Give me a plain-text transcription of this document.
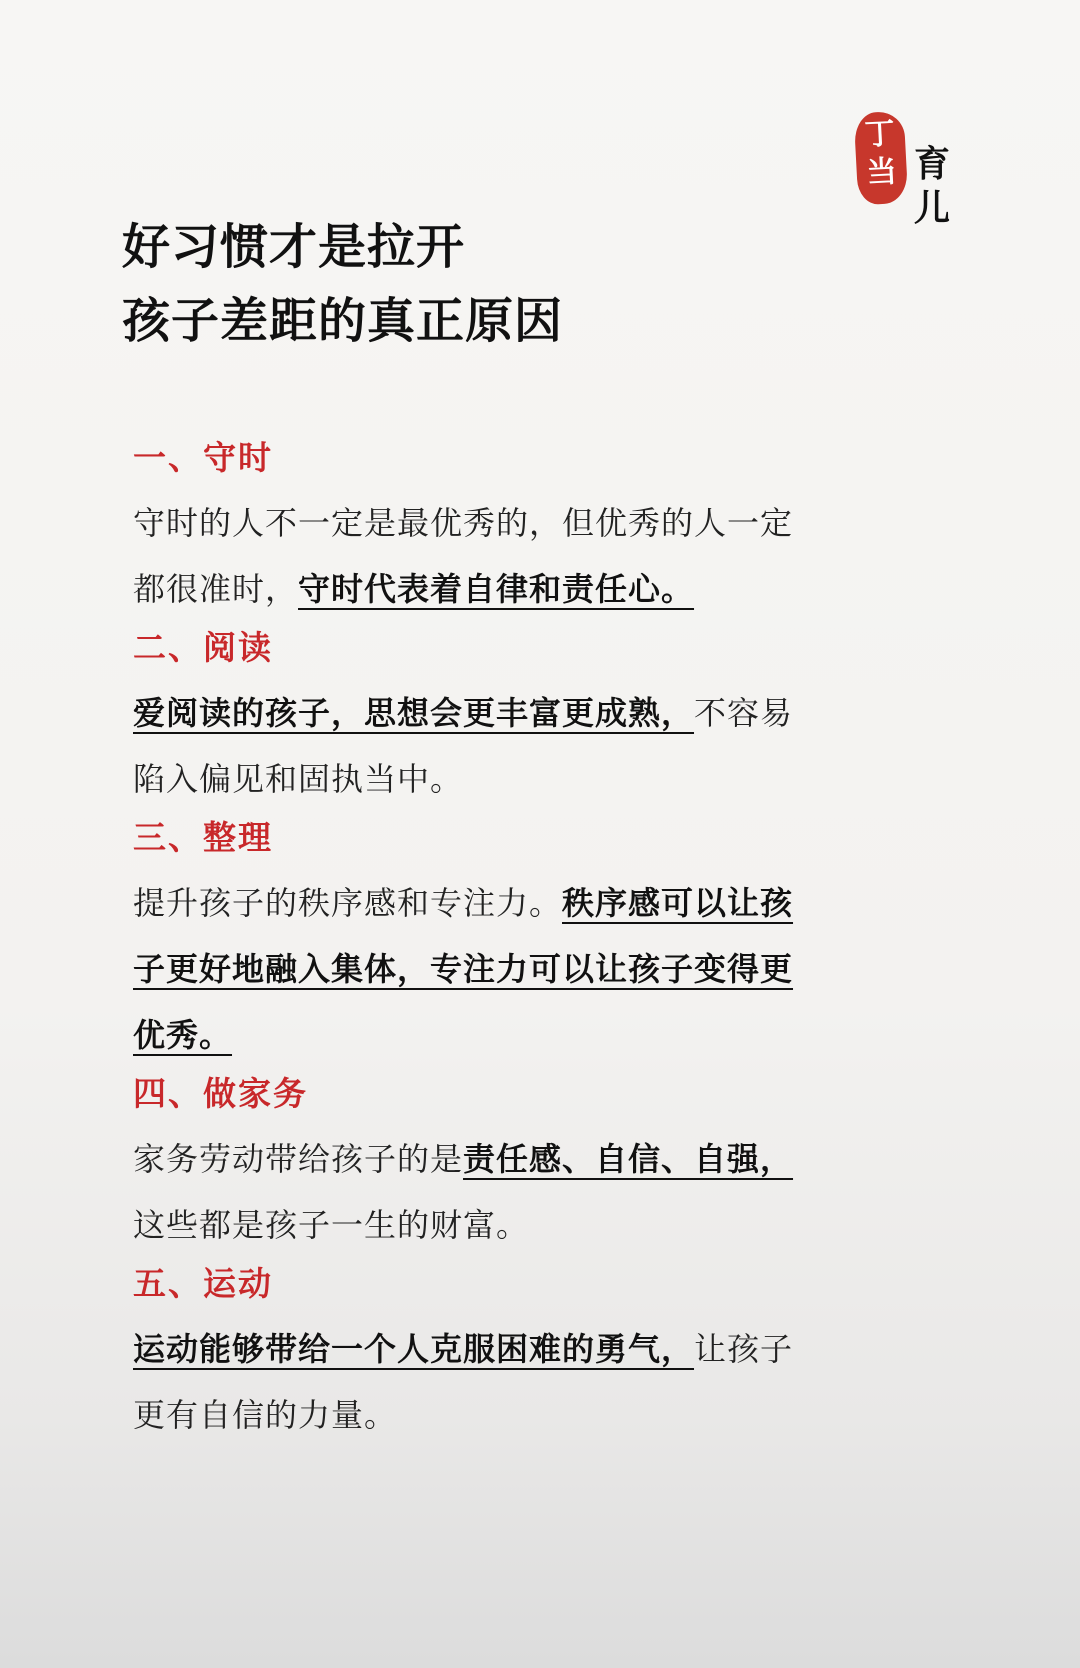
丁
当 育
儿
好习惯才是拉开
孩子差距的真正原因
一、守时
守时的人不一定是最优秀的，但优秀的人一定
都很准时，守时代表着自律和责任心。
二、阅读
爱阅读的孩子，思想会更丰富更成熟，不容易
陷入偏见和固执当中。
三、整理
提升孩子的秩序感和专注力。秩序感可以让孩
子更好地融入集体，专注力可以让孩子变得更
优秀。
四、做家务
家务劳动带给孩子的是责任感、自信、自强，
这些都是孩子一生的财富。
五、运动
运动能够带给一个人克服困难的勇气，让孩子
更有自信的力量。
